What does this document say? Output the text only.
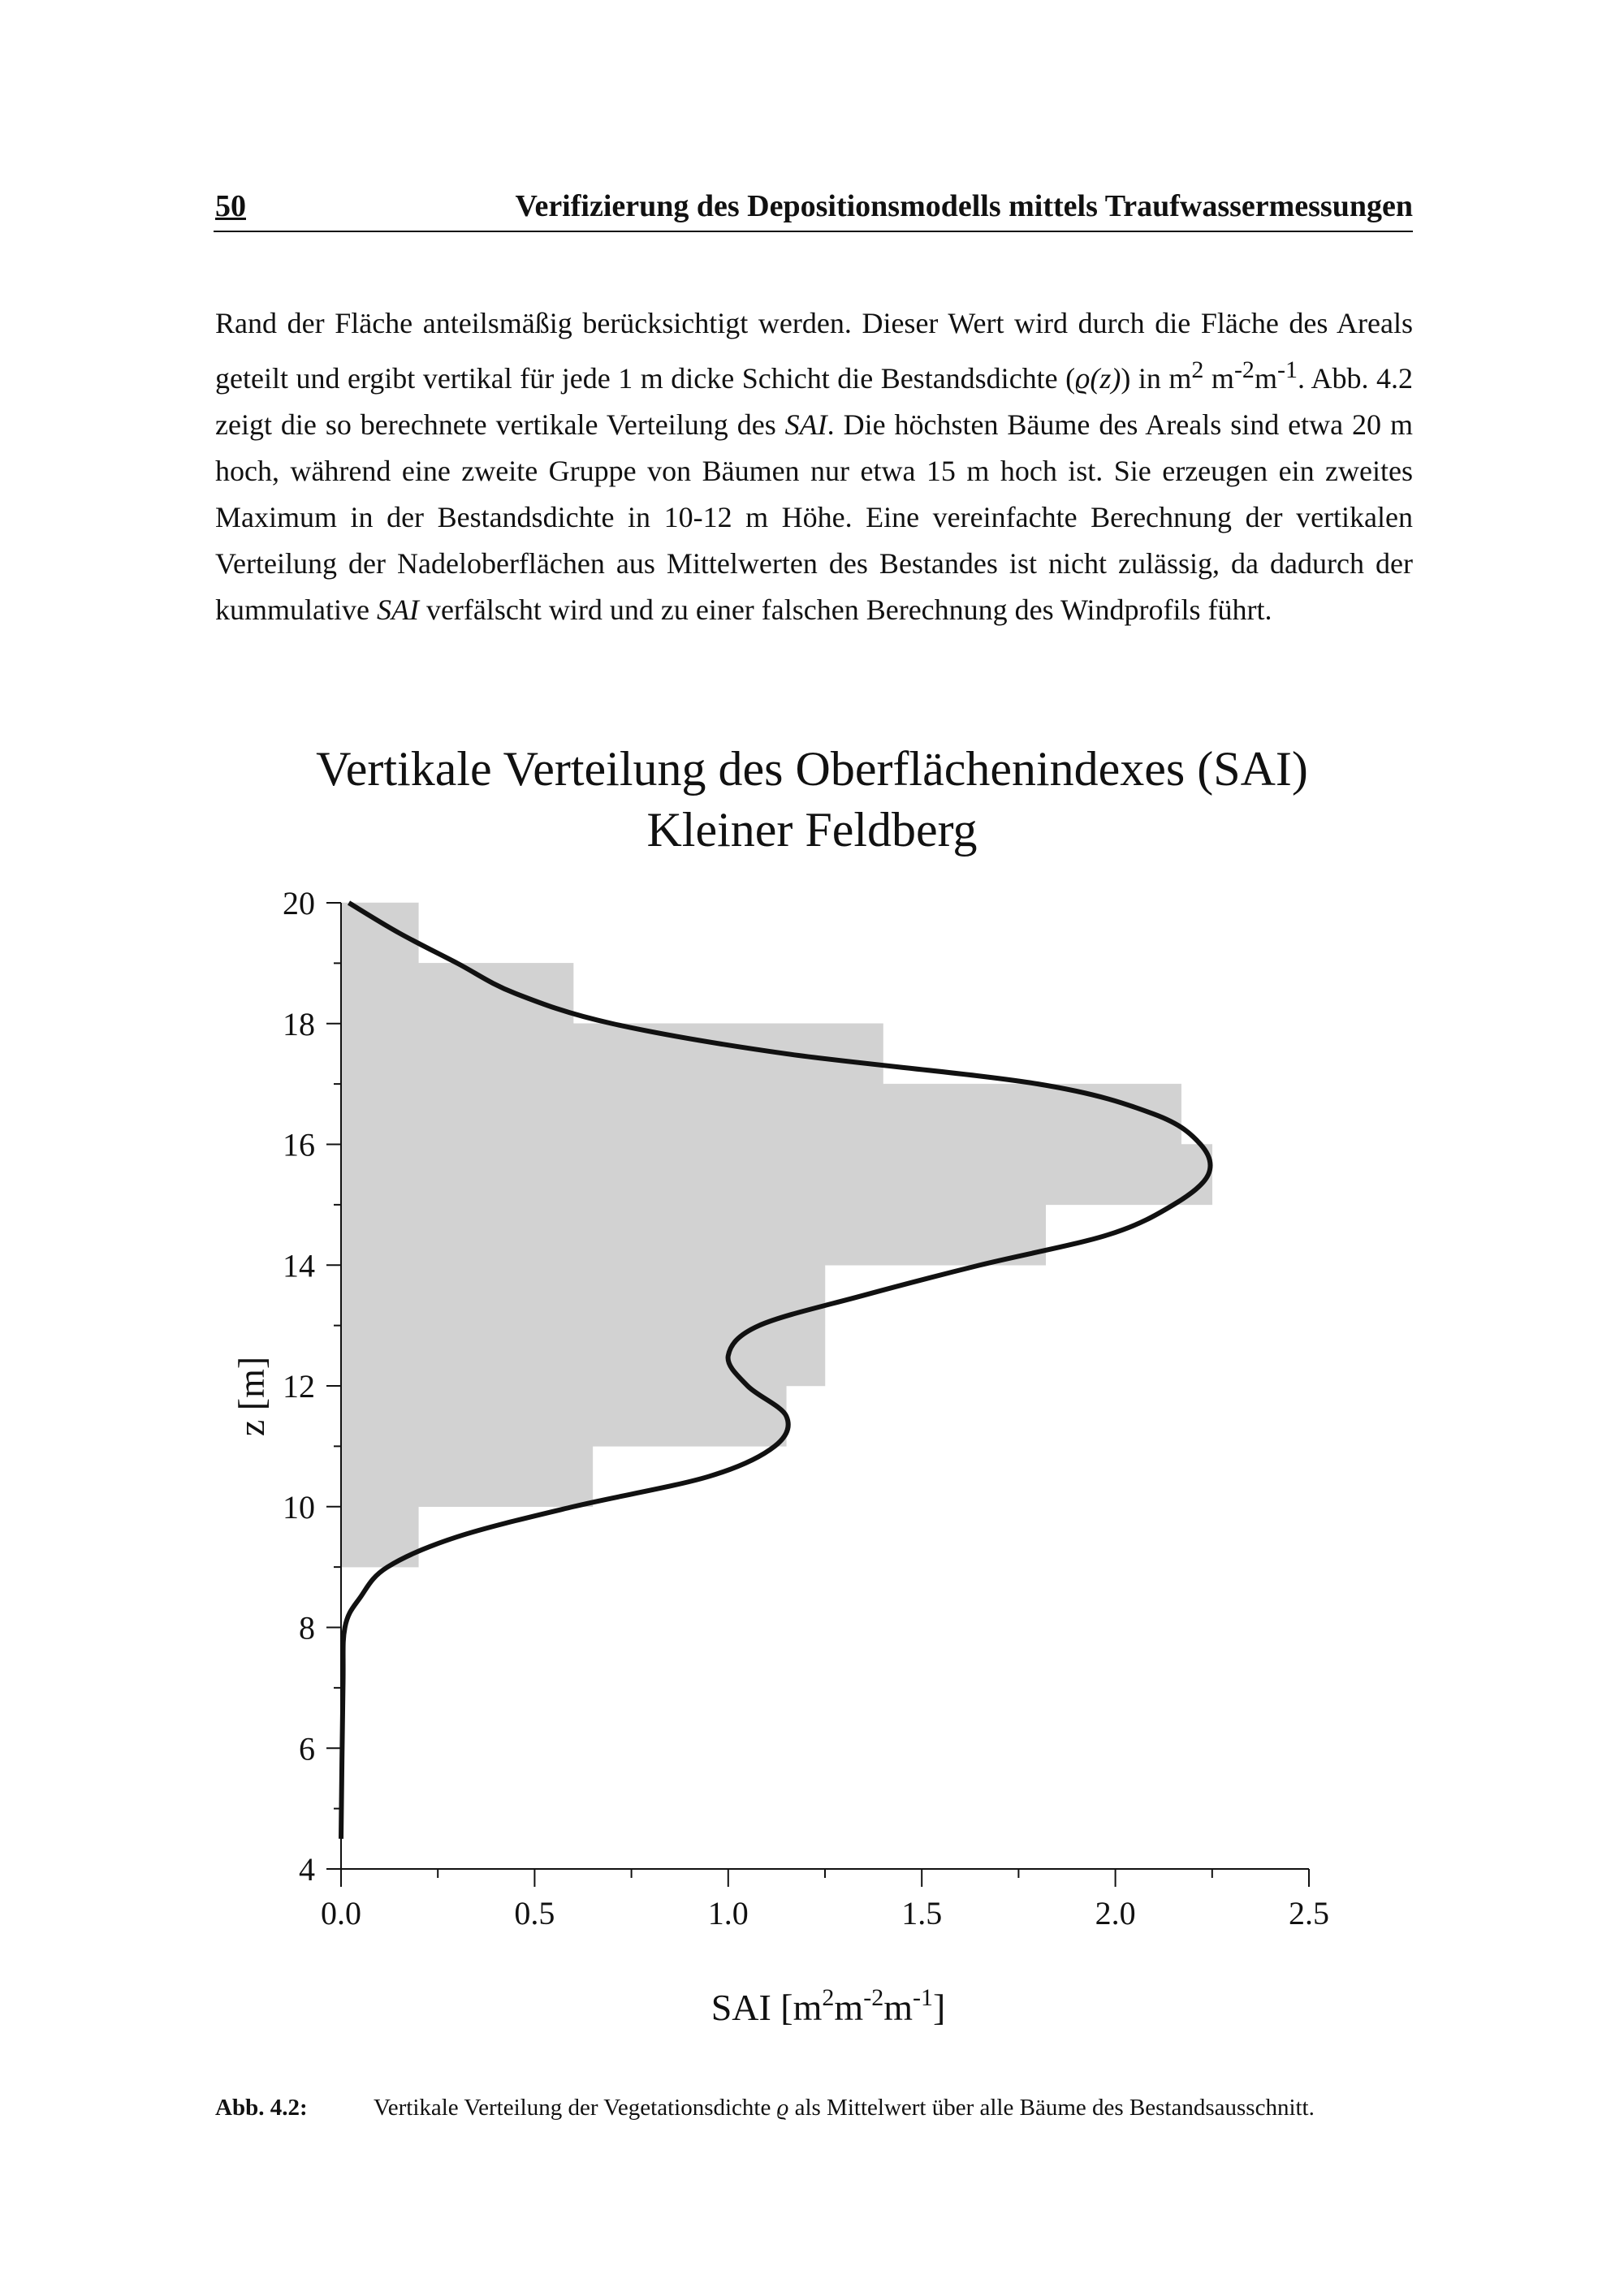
50	Verifizierung des Depositionsmodells mittels Traufwassermessungen

Rand der Fläche anteilsmäßig berücksichtigt werden. Dieser Wert wird durch die Fläche des Areals geteilt und ergibt vertikal für jede 1 m dicke Schicht die Bestandsdichte (ϱ(z)) in $m^2$ $m^{-2}m^{-1}$. Abb. 4.2 zeigt die so berechnete vertikale Verteilung des SAI. Die höchsten Bäume des Areals sind etwa 20 m hoch, während eine zweite Gruppe von Bäumen nur etwa 15 m hoch ist. Sie erzeugen ein zweites Maximum in der Bestandsdichte in 10-12 m Höhe. Eine vereinfachte Berechnung der vertikalen Verteilung der Nadeloberflächen aus Mittelwerten des Bestandes ist nicht zulässig, da dadurch der kummulative SAI verfälscht wird und zu einer falschen Berechnung des Windprofils führt.

Vertikale Verteilung des Oberflächenindexes (SAI)
Kleiner Feldberg
4
6
8
10
12
14
16
18
20
0.0	0.5	1.0	1.5	2.0	2.5
z [m]
SAI $[m^2m^{-2}m^{-1}]$
Abb. 4.2:	Vertikale Verteilung der Vegetationsdichte ϱ als Mittelwert über alle Bäume des Bestandsausschnitt.
